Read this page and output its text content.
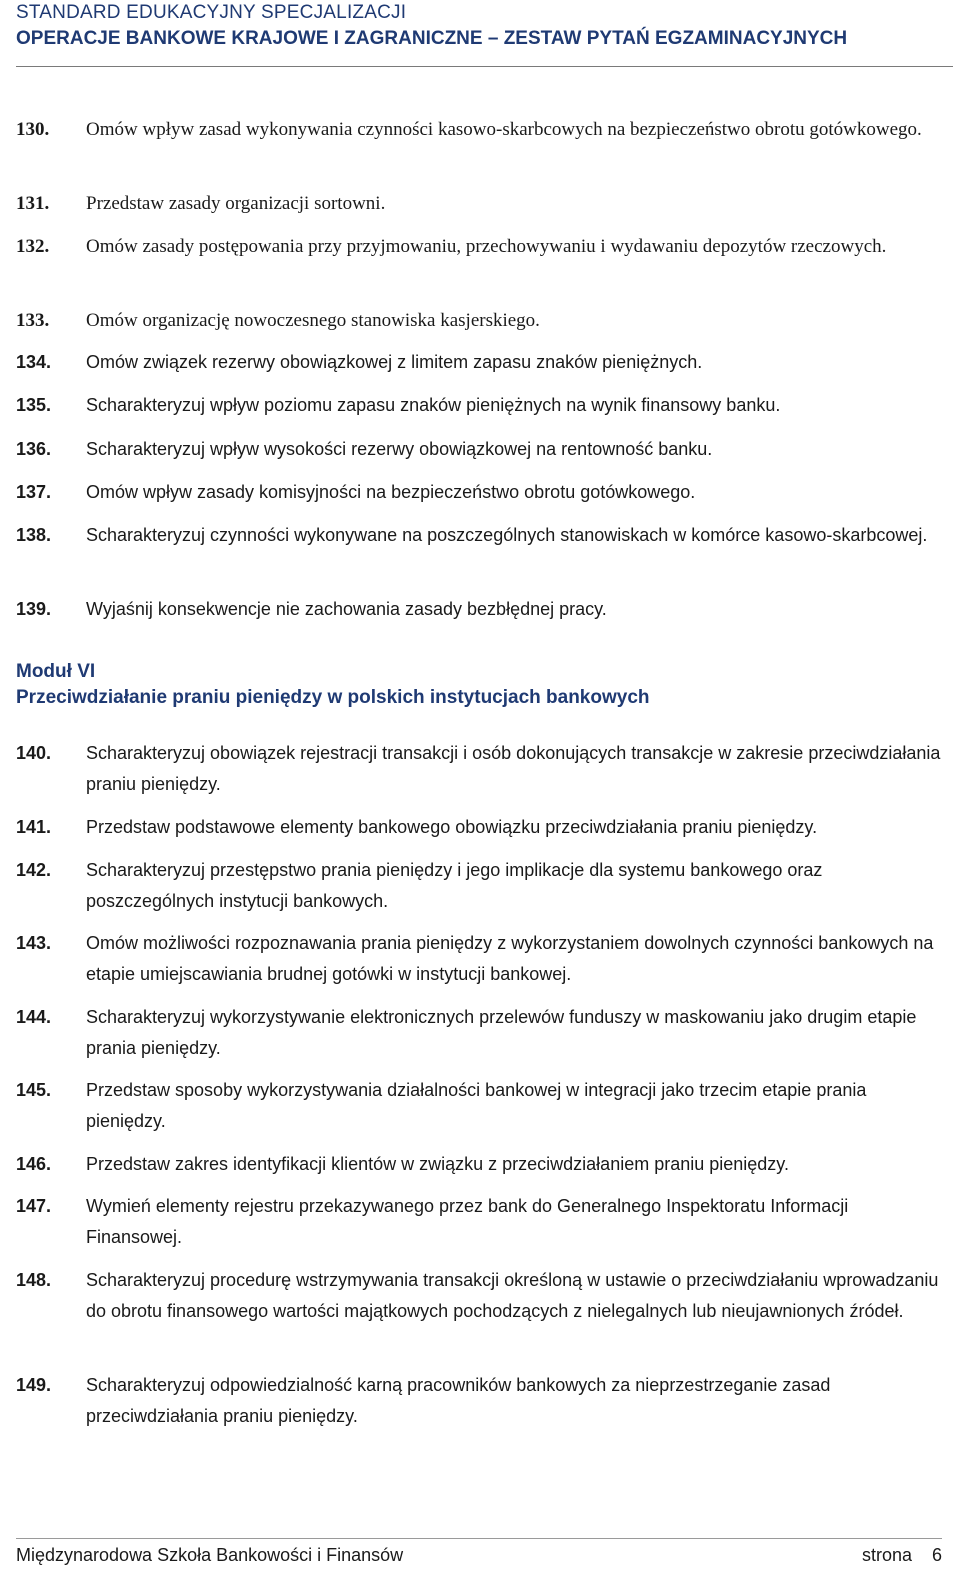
STANDARD EDUKACYJNY SPECJALIZACJI
OPERACJE BANKOWE KRAJOWE I ZAGRANICZNE – ZESTAW PYTAŃ EGZAMINACYJNYCH
130. Omów wpływ zasad wykonywania czynności kasowo-skarbcowych na bezpieczeństwo obrotu gotówkowego.
131. Przedstaw zasady organizacji sortowni.
132. Omów zasady postępowania przy przyjmowaniu, przechowywaniu i wydawaniu depozytów rzeczowych.
133. Omów organizację nowoczesnego stanowiska kasjerskiego.
134. Omów związek rezerwy obowiązkowej z limitem zapasu znaków pieniężnych.
135. Scharakteryzuj wpływ poziomu zapasu znaków pieniężnych na wynik finansowy banku.
136. Scharakteryzuj wpływ wysokości rezerwy obowiązkowej na rentowność banku.
137. Omów wpływ zasady komisyjności na bezpieczeństwo obrotu gotówkowego.
138. Scharakteryzuj czynności wykonywane na poszczególnych stanowiskach w komórce kasowo-skarbcowej.
139. Wyjaśnij konsekwencje nie zachowania zasady bezbłędnej pracy.
Moduł VI
Przeciwdziałanie praniu pieniędzy w polskich instytucjach bankowych
140. Scharakteryzuj obowiązek rejestracji transakcji i osób dokonujących transakcje w zakresie przeciwdziałania praniu pieniędzy.
141. Przedstaw podstawowe elementy bankowego obowiązku przeciwdziałania praniu pieniędzy.
142. Scharakteryzuj przestępstwo prania pieniędzy i jego implikacje dla systemu bankowego oraz poszczególnych instytucji bankowych.
143. Omów możliwości rozpoznawania prania pieniędzy z wykorzystaniem dowolnych czynności bankowych na etapie umiejscawiania brudnej gotówki w instytucji bankowej.
144. Scharakteryzuj wykorzystywanie elektronicznych przelewów funduszy w maskowaniu jako drugim etapie prania pieniędzy.
145. Przedstaw sposoby wykorzystywania działalności bankowej w integracji jako trzecim etapie prania pieniędzy.
146. Przedstaw zakres identyfikacji klientów w związku z przeciwdziałaniem praniu pieniędzy.
147. Wymień elementy rejestru przekazywanego przez bank do Generalnego Inspektoratu Informacji Finansowej.
148. Scharakteryzuj procedurę wstrzymywania transakcji określoną w ustawie o przeciwdziałaniu wprowadzaniu do obrotu finansowego wartości majątkowych pochodzących z nielegalnych lub nieujawnionych źródeł.
149. Scharakteryzuj odpowiedzialność karną pracowników bankowych za nieprzestrzeganie zasad przeciwdziałania praniu pieniędzy.
Międzynarodowa Szkoła Bankowości i Finansów	strona 6
